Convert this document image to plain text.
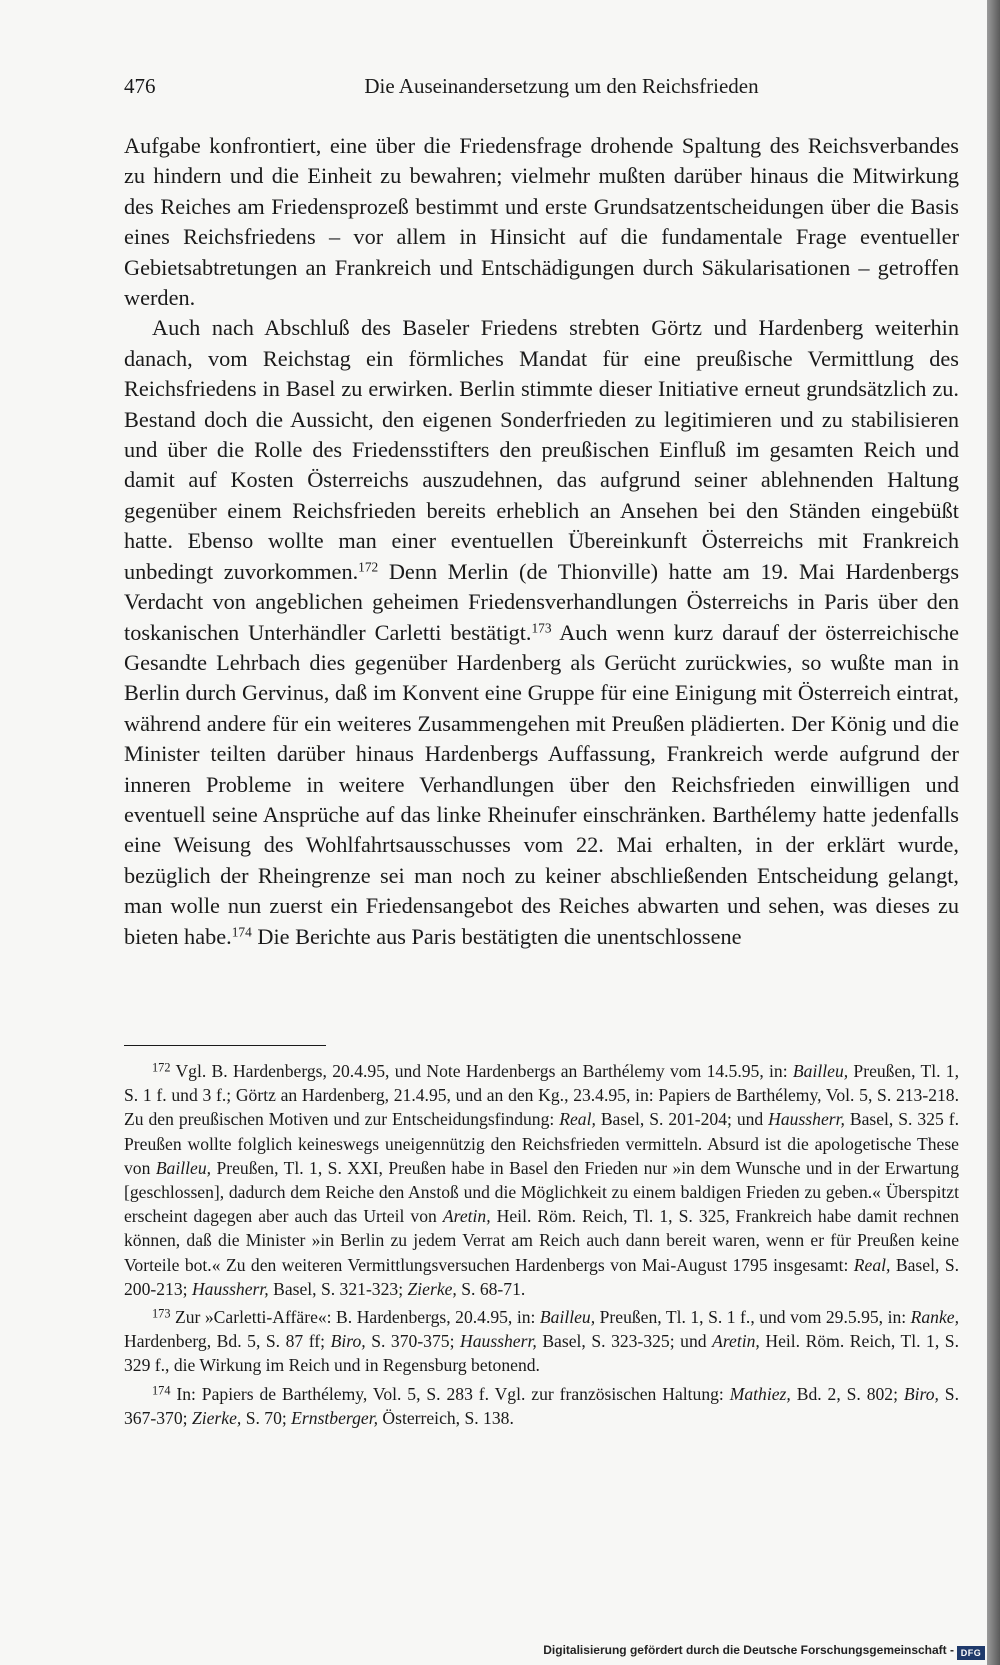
476	Die Auseinandersetzung um den Reichsfrieden

Aufgabe konfrontiert, eine über die Friedensfrage drohende Spaltung des Reichsverbandes zu hindern und die Einheit zu bewahren; vielmehr mußten darüber hinaus die Mitwirkung des Reiches am Friedensprozeß bestimmt und erste Grundsatzentscheidungen über die Basis eines Reichsfriedens – vor allem in Hinsicht auf die fundamentale Frage eventueller Gebietsabtretungen an Frankreich und Entschädigungen durch Säkularisationen – getroffen werden.

Auch nach Abschluß des Baseler Friedens strebten Görtz und Hardenberg weiterhin danach, vom Reichstag ein förmliches Mandat für eine preußische Vermittlung des Reichsfriedens in Basel zu erwirken. Berlin stimmte dieser Initiative erneut grundsätzlich zu. Bestand doch die Aussicht, den eigenen Sonderfrieden zu legitimieren und zu stabilisieren und über die Rolle des Friedensstifters den preußischen Einfluß im gesamten Reich und damit auf Kosten Österreichs auszudehnen, das aufgrund seiner ablehnenden Haltung gegenüber einem Reichsfrieden bereits erheblich an Ansehen bei den Ständen eingebüßt hatte. Ebenso wollte man einer eventuellen Übereinkunft Österreichs mit Frankreich unbedingt zuvorkommen.$^{172}$ Denn Merlin (de Thionville) hatte am 19. Mai Hardenbergs Verdacht von angeblichen geheimen Friedensverhandlungen Österreichs in Paris über den toskanischen Unterhändler Carletti bestätigt.$^{173}$ Auch wenn kurz darauf der österreichische Gesandte Lehrbach dies gegenüber Hardenberg als Gerücht zurückwies, so wußte man in Berlin durch Gervinus, daß im Konvent eine Gruppe für eine Einigung mit Österreich eintrat, während andere für ein weiteres Zusammengehen mit Preußen plädierten. Der König und die Minister teilten darüber hinaus Hardenbergs Auffassung, Frankreich werde aufgrund der inneren Probleme in weitere Verhandlungen über den Reichsfrieden einwilligen und eventuell seine Ansprüche auf das linke Rheinufer einschränken. Barthélemy hatte jedenfalls eine Weisung des Wohlfahrtsausschusses vom 22. Mai erhalten, in der erklärt wurde, bezüglich der Rheingrenze sei man noch zu keiner abschließenden Entscheidung gelangt, man wolle nun zuerst ein Friedensangebot des Reiches abwarten und sehen, was dieses zu bieten habe.$^{174}$ Die Berichte aus Paris bestätigten die unentschlossene

$^{172}$ Vgl. B. Hardenbergs, 20.4.95, und Note Hardenbergs an Barthélemy vom 14.5.95, in: Bailleu, Preußen, Tl. 1, S. 1 f. und 3 f.; Görtz an Hardenberg, 21.4.95, und an den Kg., 23.4.95, in: Papiers de Barthélemy, Vol. 5, S. 213-218. Zu den preußischen Motiven und zur Entscheidungsfindung: Real, Basel, S. 201-204; und Haussherr, Basel, S. 325 f. Preußen wollte folglich keineswegs uneigennützig den Reichsfrieden vermitteln. Absurd ist die apologetische These von Bailleu, Preußen, Tl. 1, S. XXI, Preußen habe in Basel den Frieden nur »in dem Wunsche und in der Erwartung [geschlossen], dadurch dem Reiche den Anstoß und die Möglichkeit zu einem baldigen Frieden zu geben.« Überspitzt erscheint dagegen aber auch das Urteil von Aretin, Heil. Röm. Reich, Tl. 1, S. 325, Frankreich habe damit rechnen können, daß die Minister »in Berlin zu jedem Verrat am Reich auch dann bereit waren, wenn er für Preußen keine Vorteile bot.« Zu den weiteren Vermittlungsversuchen Hardenbergs von Mai-August 1795 insgesamt: Real, Basel, S. 200-213; Haussherr, Basel, S. 321-323; Zierke, S. 68-71.

$^{173}$ Zur »Carletti-Affäre«: B. Hardenbergs, 20.4.95, in: Bailleu, Preußen, Tl. 1, S. 1 f., und vom 29.5.95, in: Ranke, Hardenberg, Bd. 5, S. 87 ff; Biro, S. 370-375; Haussherr, Basel, S. 323-325; und Aretin, Heil. Röm. Reich, Tl. 1, S. 329 f., die Wirkung im Reich und in Regensburg betonend.

$^{174}$ In: Papiers de Barthélemy, Vol. 5, S. 283 f. Vgl. zur französischen Haltung: Mathiez, Bd. 2, S. 802; Biro, S. 367-370; Zierke, S. 70; Ernstberger, Österreich, S. 138.

Digitalisierung gefördert durch die Deutsche Forschungsgemeinschaft - DFG
